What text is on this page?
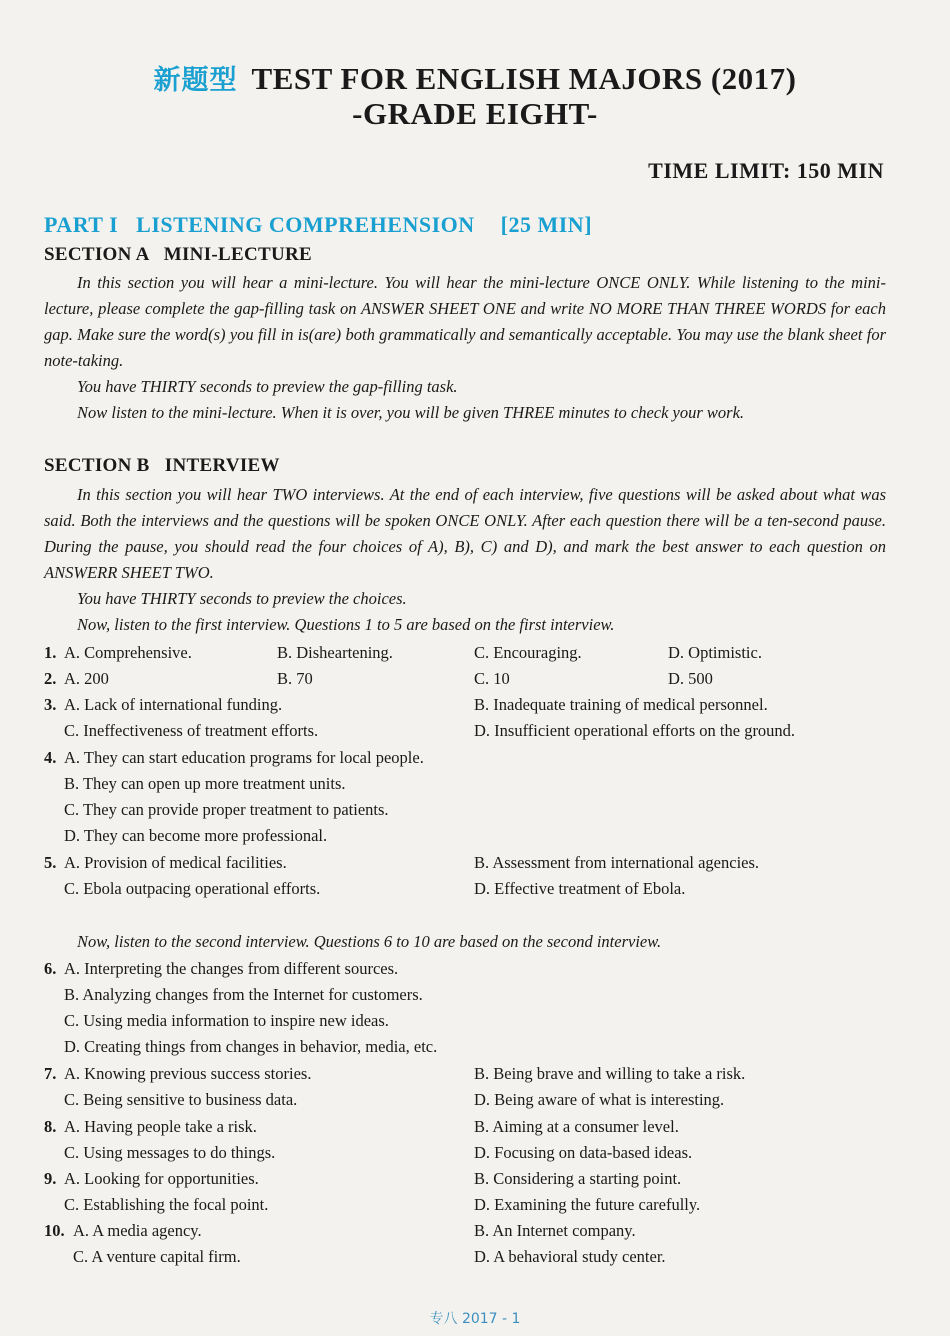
新题型 TEST FOR ENGLISH MAJORS (2017)
-GRADE EIGHT-
TIME LIMIT: 150 MIN
PART I   LISTENING COMPREHENSION [25 MIN]
SECTION A   MINI-LECTURE

In this section you will hear a mini-lecture. You will hear the mini-lecture ONCE ONLY. While listening to the mini-lecture, please complete the gap-filling task on ANSWER SHEET ONE and write NO MORE THAN THREE WORDS for each gap. Make sure the word(s) you fill in is(are) both grammatically and semantically acceptable. You may use the blank sheet for note-taking.

You have THIRTY seconds to preview the gap-filling task.

Now listen to the mini-lecture. When it is over, you will be given THREE minutes to check your work.

SECTION B   INTERVIEW

In this section you will hear TWO interviews. At the end of each interview, five questions will be asked about what was said. Both the interviews and the questions will be spoken ONCE ONLY. After each question there will be a ten-second pause. During the pause, you should read the four choices of A), B), C) and D), and mark the best answer to each question on ANSWERR SHEET TWO.

You have THIRTY seconds to preview the choices.

Now, listen to the first interview. Questions 1 to 5 are based on the first interview.

1. A. Comprehensive.	B. Disheartening.	C. Encouraging.	D. Optimistic.
2. A. 200	B. 70	C. 10	D. 500
3. A. Lack of international funding.	B. Inadequate training of medical personnel.
C. Ineffectiveness of treatment efforts.	D. Insufficient operational efforts on the ground.
4. A. They can start education programs for local people.
B. They can open up more treatment units.
C. They can provide proper treatment to patients.
D. They can become more professional.
5. A. Provision of medical facilities.	B. Assessment from international agencies.
C. Ebola outpacing operational efforts.	D. Effective treatment of Ebola.

Now, listen to the second interview. Questions 6 to 10 are based on the second interview.

6. A. Interpreting the changes from different sources.
B. Analyzing changes from the Internet for customers.
C. Using media information to inspire new ideas.
D. Creating things from changes in behavior, media, etc.
7. A. Knowing previous success stories.	B. Being brave and willing to take a risk.
C. Being sensitive to business data.	D. Being aware of what is interesting.
8. A. Having people take a risk.	B. Aiming at a consumer level.
C. Using messages to do things.	D. Focusing on data-based ideas.
9. A. Looking for opportunities.	B. Considering a starting point.
C. Establishing the focal point.	D. Examining the future carefully.
10. A. A media agency.	B. An Internet company.
C. A venture capital firm.	D. A behavioral study center.
专八 2017 - 1
